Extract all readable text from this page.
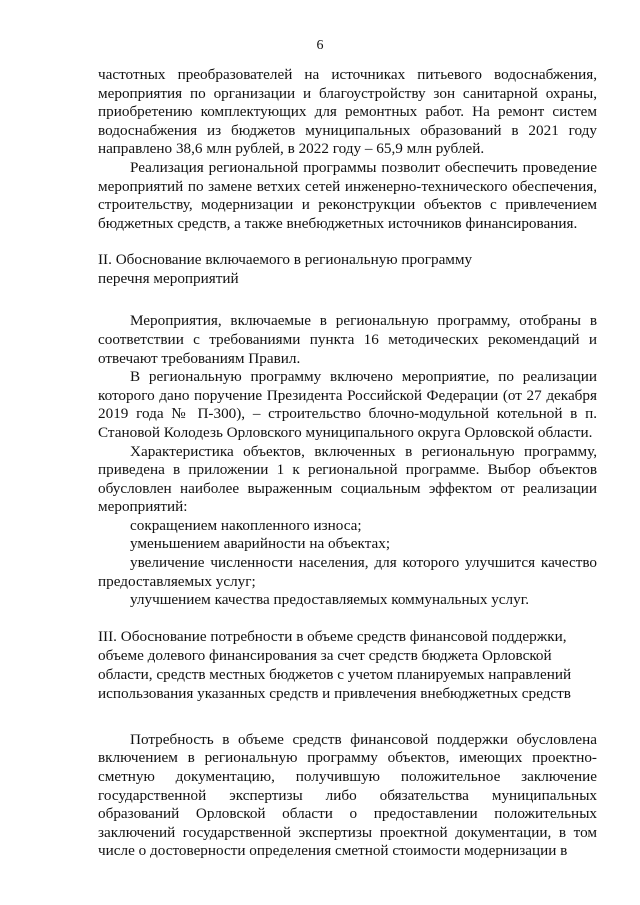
6

частотных преобразователей на источниках питьевого водоснабжения, мероприятия по организации и благоустройству зон санитарной охраны, приобретению комплектующих для ремонтных работ. На ремонт систем водоснабжения из бюджетов муниципальных образований в 2021 году направлено 38,6 млн рублей, в 2022 году – 65,9 млн рублей.

Реализация региональной программы позволит обеспечить проведение мероприятий по замене ветхих сетей инженерно-технического обеспечения, строительству, модернизации и реконструкции объектов с привлечением бюджетных средств, а также внебюджетных источников финансирования.

II. Обоснование включаемого в региональную программу

перечня мероприятий

Мероприятия, включаемые в региональную программу, отобраны в соответствии с требованиями пункта 16 методических рекомендаций и отвечают требованиям Правил.

В региональную программу включено мероприятие, по реализации которого дано поручение Президента Российской Федерации (от 27 декабря 2019 года № П-300), – строительство блочно-модульной котельной в п. Становой Колодезь Орловского муниципального округа Орловской области.

Характеристика объектов, включенных в региональную программу, приведена в приложении 1 к региональной программе. Выбор объектов обусловлен наиболее выраженным социальным эффектом от реализации мероприятий:

сокращением накопленного износа;

уменьшением аварийности на объектах;

увеличение численности населения, для которого улучшится качество предоставляемых услуг;

улучшением качества предоставляемых коммунальных услуг.

III. Обоснование потребности в объеме средств финансовой поддержки,

объеме долевого финансирования за счет средств бюджета Орловской

области, средств местных бюджетов с учетом планируемых направлений

использования указанных средств и привлечения внебюджетных средств

Потребность в объеме средств финансовой поддержки обусловлена включением в региональную программу объектов, имеющих проектно-сметную документацию, получившую положительное заключение государственной экспертизы либо обязательства муниципальных образований Орловской области о предоставлении положительных заключений государственной экспертизы проектной документации, в том числе о достоверности определения сметной стоимости модернизации в
